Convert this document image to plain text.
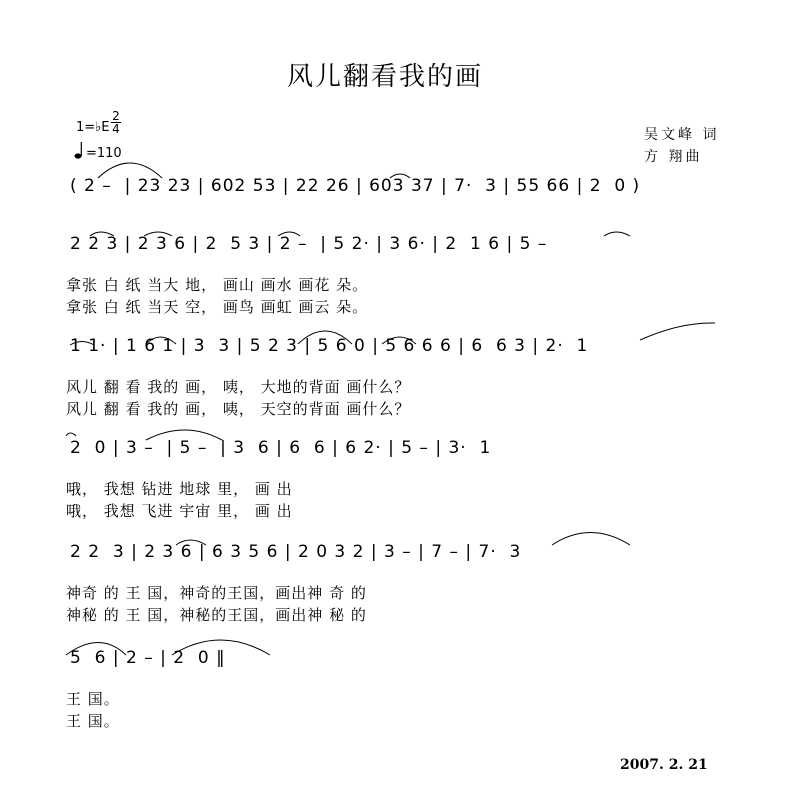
风儿翻看我的画
1=♭E
2
4
=110
吴文峰 词
方 翔曲
( 2 –  | 23 23 | 602 53 | 22 26 | 603 37 | 7·  3 | 55 66 | 2  0 )
2 2 3 | 2 3 6 | 2  5 3 | 2 –  | 5 2· | 3 6· | 2  1 6 | 5 –
拿张 白 纸 当大 地， 画山 画水 画花 朵。
拿张 白 纸 当天 空， 画鸟 画虹 画云 朵。
1 1· | 1 6 1 | 3  3 | 5 2 3 | 5 6 0 | 5 6 6 6 | 6  6 3 | 2·  1
风儿 翻 看 我的 画， 咦， 大地的背面 画什么？
风儿 翻 看 我的 画， 咦， 天空的背面 画什么？
2  0 | 3 –  | 5 –  | 3  6 | 6  6 | 6 2· | 5 – | 3·  1
哦， 我想 钻进 地球 里， 画 出
哦， 我想 飞进 宇宙 里， 画 出
2 2  3 | 2 3 6 | 6 3 5 6 | 2 0 3 2 | 3 – | 7 – | 7·  3
神奇 的 王 国，神奇的王国，画出神 奇 的
神秘 的 王 国，神秘的王国，画出神 秘 的
5  6 | 2 – | 2  0 ‖
王 国。
王 国。
2007. 2. 21
